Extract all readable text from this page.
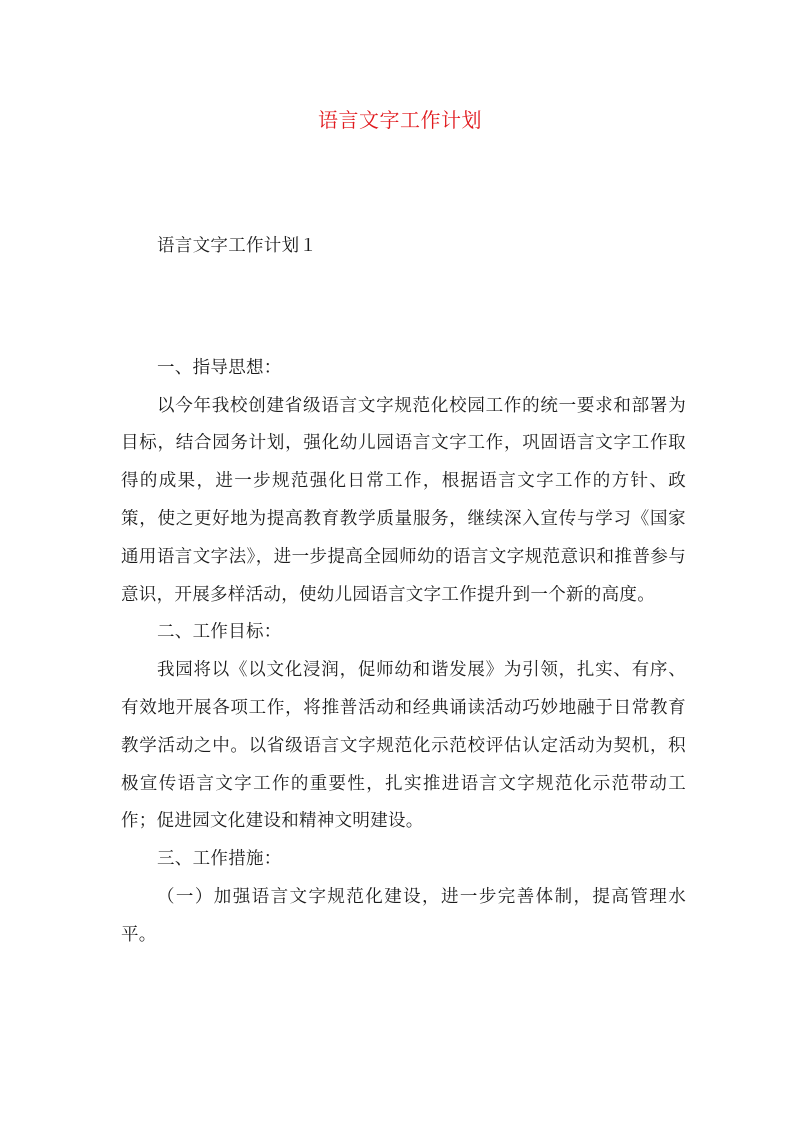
语言文字工作计划

语言文字工作计划１

一、指导思想：

以今年我校创建省级语言文字规范化校园工作的统一要求和部署为目标，结合园务计划，强化幼儿园语言文字工作，巩固语言文字工作取得的成果，进一步规范强化日常工作，根据语言文字工作的方针、政策，使之更好地为提高教育教学质量服务，继续深入宣传与学习《国家通用语言文字法》，进一步提高全园师幼的语言文字规范意识和推普参与意识，开展多样活动，使幼儿园语言文字工作提升到一个新的高度。

二、工作目标：

我园将以《以文化浸润，促师幼和谐发展》为引领，扎实、有序、有效地开展各项工作，将推普活动和经典诵读活动巧妙地融于日常教育教学活动之中。以省级语言文字规范化示范校评估认定活动为契机，积极宣传语言文字工作的重要性，扎实推进语言文字规范化示范带动工作；促进园文化建设和精神文明建设。

三、工作措施：

（一）加强语言文字规范化建设，进一步完善体制，提高管理水平。
